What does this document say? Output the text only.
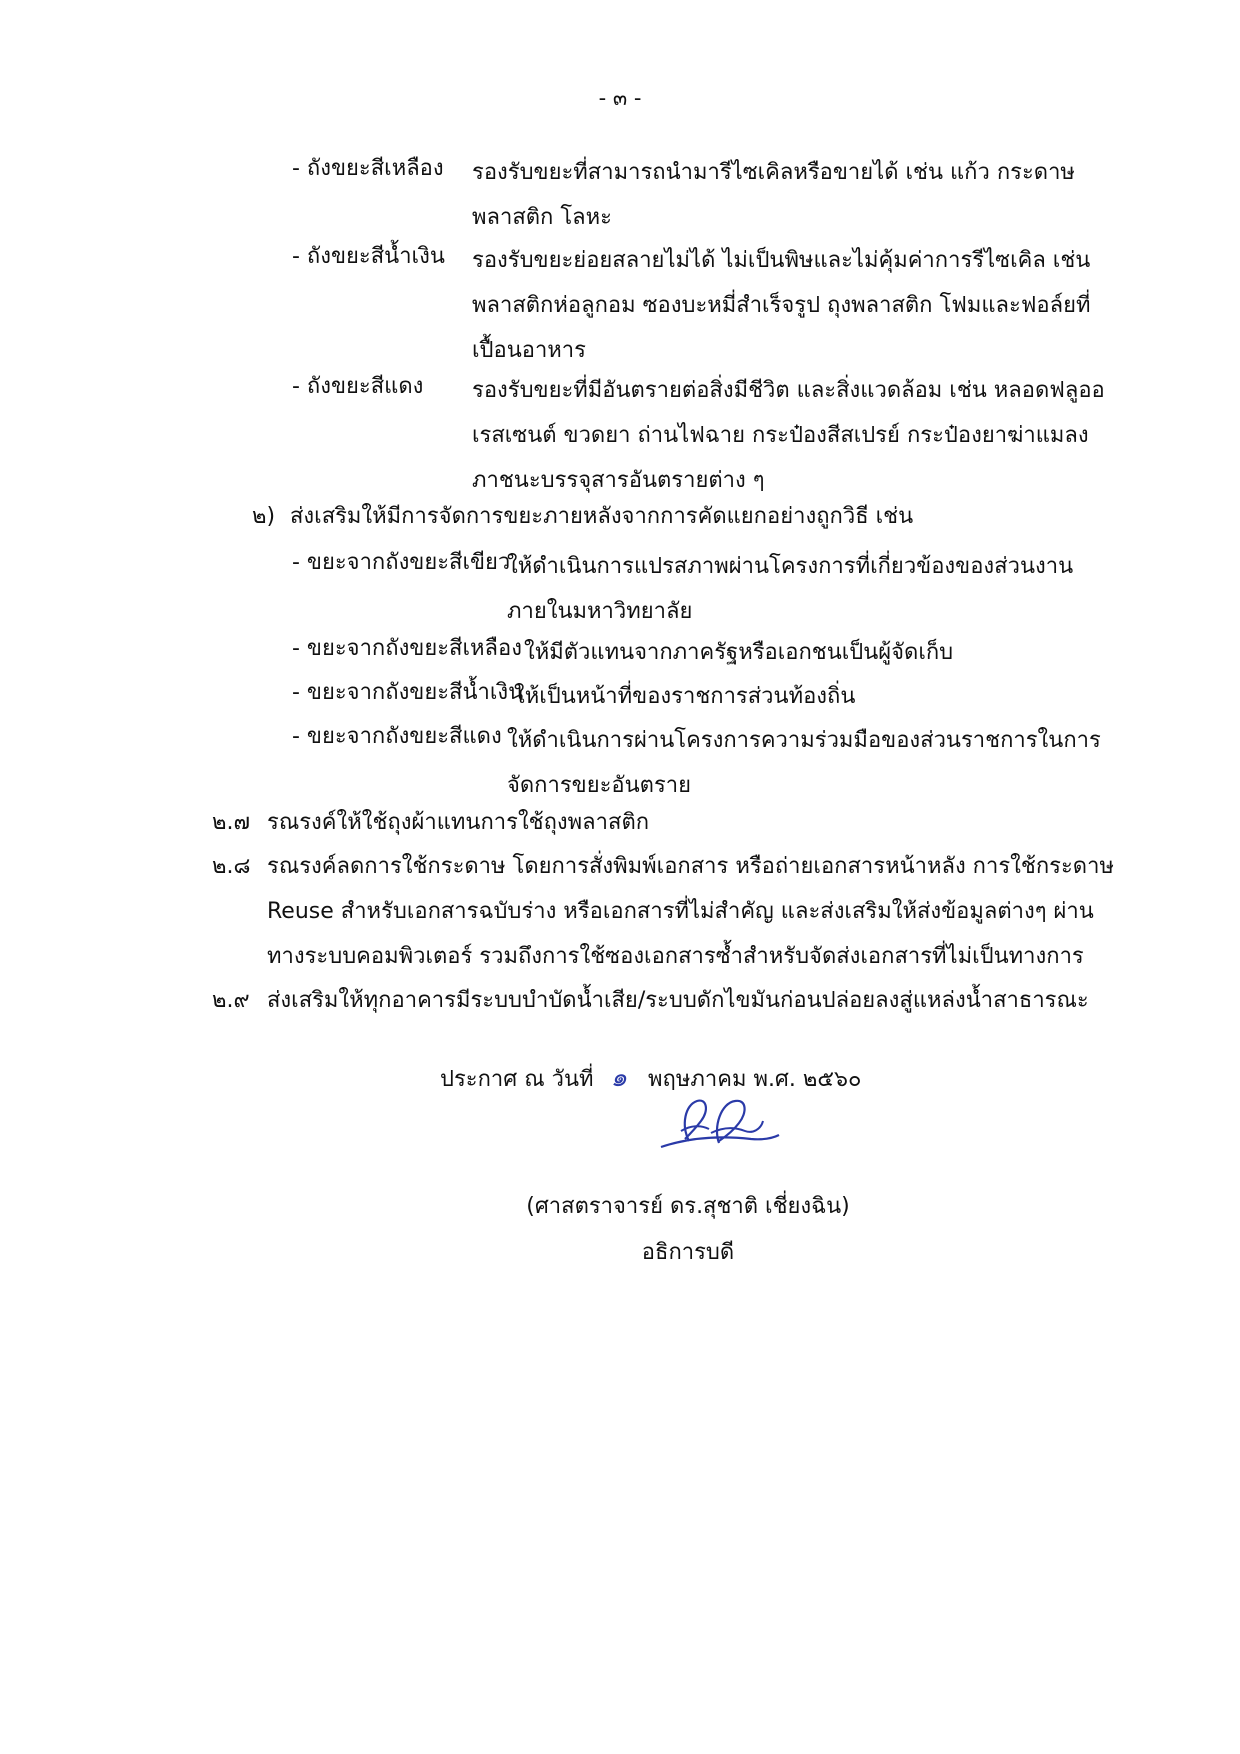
- ๓ -
- ถังขยะสีเหลือง รองรับขยะที่สามารถนำมารีไซเคิลหรือขายได้ เช่น แก้ว กระดาษ พลาสติก โลหะ
- ถังขยะสีน้ำเงิน รองรับขยะย่อยสลายไม่ได้ ไม่เป็นพิษและไม่คุ้มค่าการรีไซเคิล เช่น พลาสติกห่อลูกอม ซองบะหมี่สำเร็จรูป ถุงพลาสติก โฟมและฟอล์ยที่เปื้อนอาหาร
- ถังขยะสีแดง รองรับขยะที่มีอันตรายต่อสิ่งมีชีวิต และสิ่งแวดล้อม เช่น หลอดฟลูออเรสเซนต์ ขวดยา ถ่านไฟฉาย กระป๋องสีสเปรย์ กระป๋องยาฆ่าแมลง ภาชนะบรรจุสารอันตรายต่าง ๆ
๒) ส่งเสริมให้มีการจัดการขยะภายหลังจากการคัดแยกอย่างถูกวิธี เช่น
- ขยะจากถังขยะสีเขียว
ให้ดำเนินการแปรสภาพผ่านโครงการที่เกี่ยวข้องของส่วนงานภายในมหาวิทยาลัย
- ขยะจากถังขยะสีเหลือง ให้มีตัวแทนจากภาครัฐหรือเอกชนเป็นผู้จัดเก็บ
- ขยะจากถังขยะสีน้ำเงิน
ให้เป็นหน้าที่ของราชการส่วนท้องถิ่น
- ขยะจากถังขยะสีแดง ให้ดำเนินการผ่านโครงการความร่วมมือของส่วนราชการในการจัดการขยะอันตราย
๒.๗ รณรงค์ให้ใช้ถุงผ้าแทนการใช้ถุงพลาสติก
๒.๘ รณรงค์ลดการใช้กระดาษ โดยการสั่งพิมพ์เอกสาร หรือถ่ายเอกสารหน้าหลัง การใช้กระดาษ Reuse สำหรับเอกสารฉบับร่าง หรือเอกสารที่ไม่สำคัญ และส่งเสริมให้ส่งข้อมูลต่างๆ ผ่านทางระบบคอมพิวเตอร์ รวมถึงการใช้ซองเอกสารซ้ำสำหรับจัดส่งเอกสารที่ไม่เป็นทางการ
๒.๙ ส่งเสริมให้ทุกอาคารมีระบบบำบัดน้ำเสีย/ระบบดักไขมันก่อนปล่อยลงสู่แหล่งน้ำสาธารณะ
ประกาศ ณ วันที่ ๑ พฤษภาคม พ.ศ. ๒๕๖๐
(ศาสตราจารย์ ดร.สุชาติ เชี่ยงฉิน)
อธิการบดี
